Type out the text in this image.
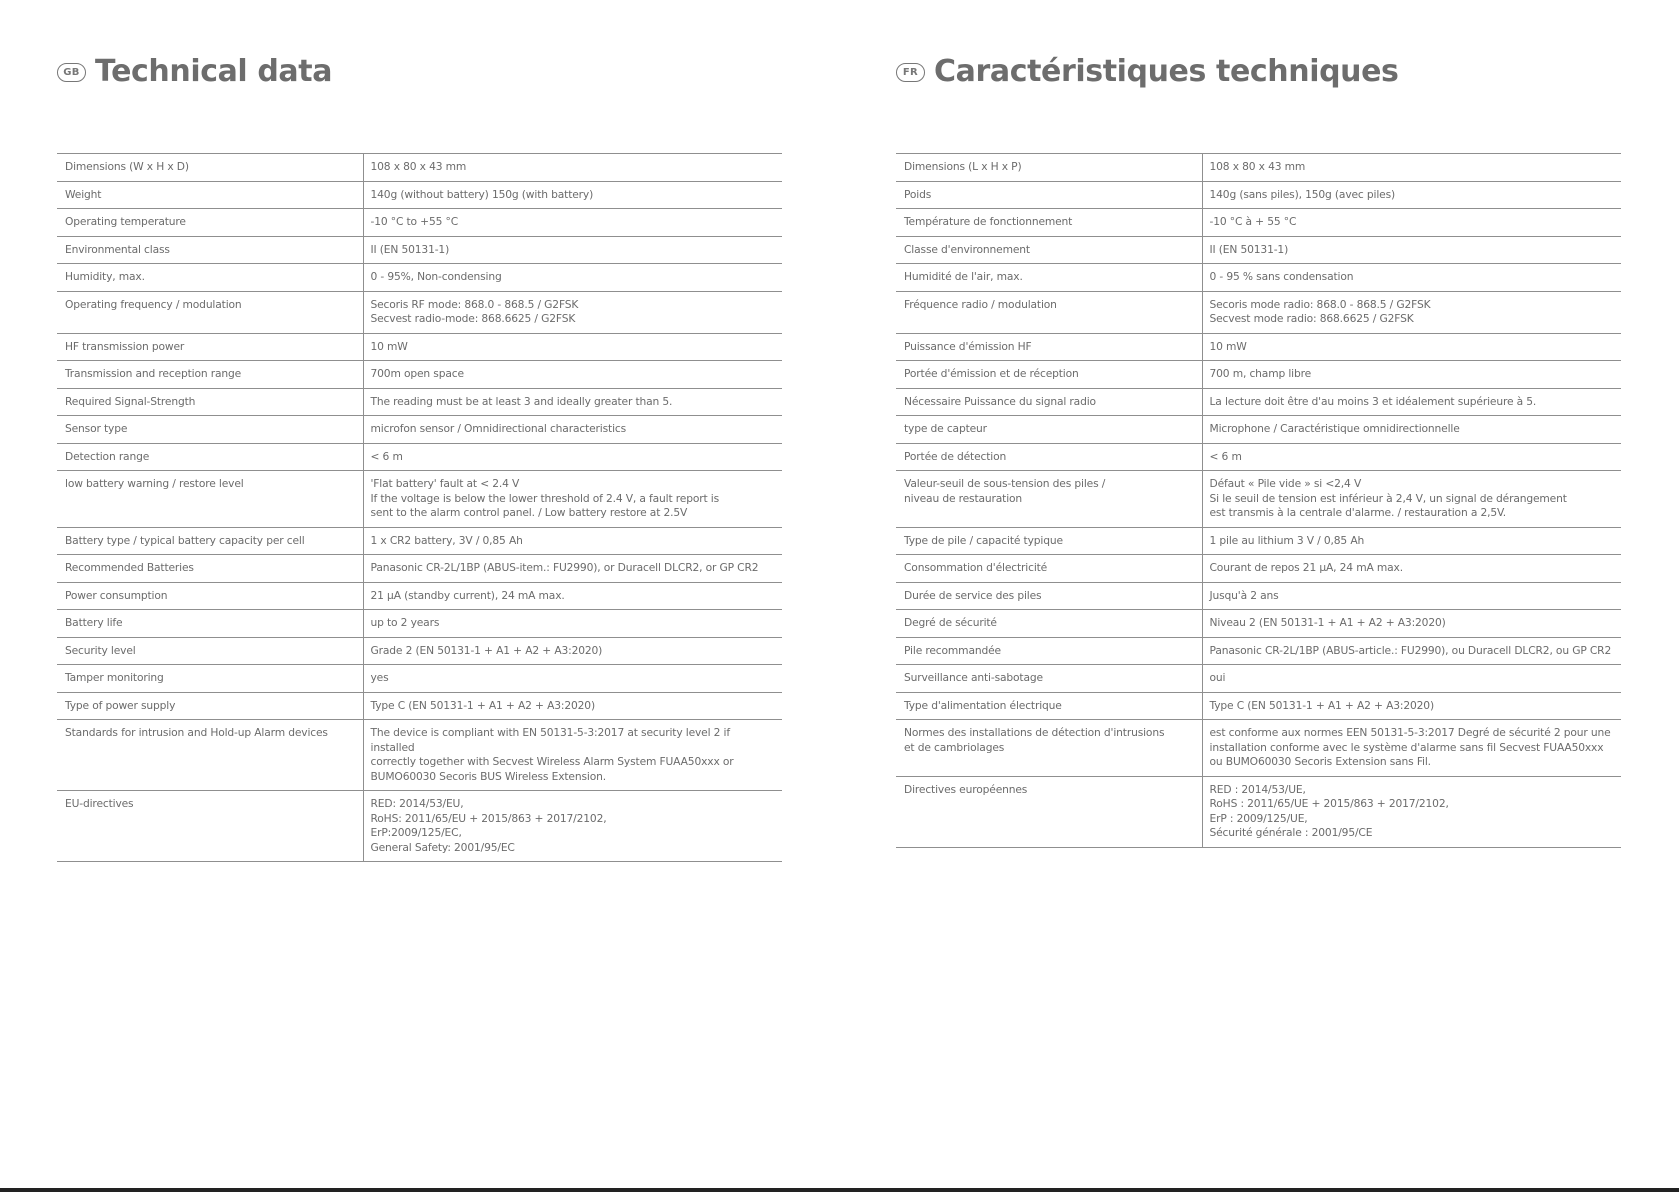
GB Technical data
Dimensions (W x H x D)	108 x 80 x 43 mm
Weight	140g (without battery) 150g (with battery)
Operating temperature	-10 °C to +55 °C
Environmental class	II (EN 50131-1)
Humidity, max.	0 - 95%, Non-condensing
Operating frequency / modulation	Secoris RF mode: 868.0 - 868.5 / G2FSK
Secvest radio-mode: 868.6625 / G2FSK
HF transmission power	10 mW
Transmission and reception range	700m open space
Required Signal-Strength	The reading must be at least 3 and ideally greater than 5.
Sensor type	microfon sensor / Omnidirectional characteristics
Detection range	< 6 m
low battery warning / restore level	'Flat battery' fault at < 2.4 V
If the voltage is below the lower threshold of 2.4 V, a fault report is
sent to the alarm control panel. / Low battery restore at 2.5V
Battery type / typical battery capacity per cell	1 x CR2 battery, 3V / 0,85 Ah
Recommended Batteries	Panasonic CR-2L/1BP (ABUS-item.: FU2990), or Duracell DLCR2, or GP CR2
Power consumption	21 µA (standby current), 24 mA max.
Battery life	up to 2 years
Security level	Grade 2 (EN 50131-1 + A1 + A2 + A3:2020)
Tamper monitoring	yes
Type of power supply	Type C (EN 50131-1 + A1 + A2 + A3:2020)
Standards for intrusion and Hold-up Alarm devices	The device is compliant with EN 50131-5-3:2017 at security level 2 if installed
correctly together with Secvest Wireless Alarm System FUAA50xxx or
BUMO60030 Secoris BUS Wireless Extension.
EU-directives	RED: 2014/53/EU,
RoHS: 2011/65/EU + 2015/863 + 2017/2102,
ErP:2009/125/EC,
General Safety: 2001/95/EC
FR Caractéristiques techniques
Dimensions (L x H x P)	108 x 80 x 43 mm
Poids	140g (sans piles), 150g (avec piles)
Température de fonctionnement	-10 °C à + 55 °C
Classe d'environnement	II (EN 50131-1)
Humidité de l'air, max.	0 - 95 % sans condensation
Fréquence radio / modulation	Secoris mode radio: 868.0 - 868.5 / G2FSK
Secvest mode radio: 868.6625 / G2FSK
Puissance d'émission HF	10 mW
Portée d'émission et de réception	700 m, champ libre
Nécessaire Puissance du signal radio	La lecture doit être d'au moins 3 et idéalement supérieure à 5.
type de capteur	Microphone / Caractéristique omnidirectionnelle
Portée de détection	< 6 m
Valeur-seuil de sous-tension des piles /
niveau de restauration	Défaut « Pile vide » si <2,4 V
Si le seuil de tension est inférieur à 2,4 V, un signal de dérangement
est transmis à la centrale d'alarme. / restauration a 2,5V.
Type de pile / capacité typique	1 pile au lithium 3 V / 0,85 Ah
Consommation d'électricité	Courant de repos 21 µA, 24 mA max.
Durée de service des piles	Jusqu'à 2 ans
Degré de sécurité	Niveau 2 (EN 50131-1 + A1 + A2 + A3:2020)
Pile recommandée	Panasonic CR-2L/1BP (ABUS-article.: FU2990), ou Duracell DLCR2, ou GP CR2
Surveillance anti-sabotage	oui
Type d'alimentation électrique	Type C (EN 50131-1 + A1 + A2 + A3:2020)
Normes des installations de détection d'intrusions
et de cambriolages	est conforme aux normes EEN 50131-5-3:2017 Degré de sécurité 2 pour une
installation conforme avec le système d'alarme sans fil Secvest FUAA50xxx
ou BUMO60030 Secoris Extension sans Fil.
Directives européennes	RED : 2014/53/UE,
RoHS : 2011/65/UE + 2015/863 + 2017/2102,
ErP : 2009/125/UE,
Sécurité générale : 2001/95/CE
